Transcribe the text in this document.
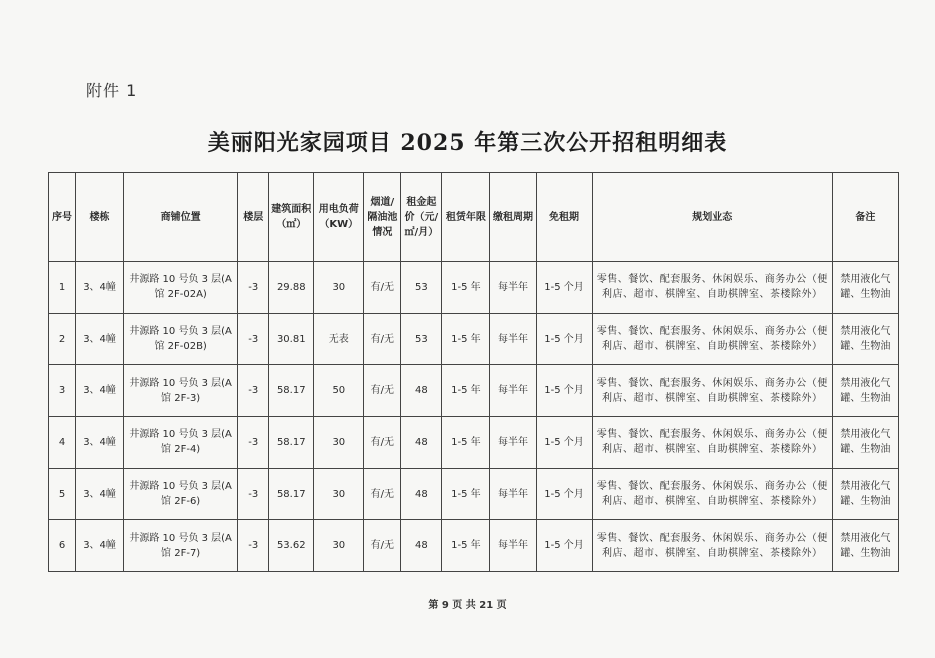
附件 1
美丽阳光家园项目 2025 年第三次公开招租明细表
序号	楼栋	商铺位置	楼层	建筑面积（㎡）	用电负荷（KW）	烟道/隔油池情况	租金起价（元/㎡/月）	租赁年限	缴租周期	免租期	规划业态	备注
1	3、4幢	井源路 10 号负 3 层(A馆 2F-02A)	-3	29.88	30	有/无	53	1-5 年	每半年	1-5 个月	零售、餐饮、配套服务、休闲娱乐、商务办公（便利店、超市、棋牌室、自助棋牌室、茶楼除外）	禁用液化气罐、生物油
2	3、4幢	井源路 10 号负 3 层(A馆 2F-02B)	-3	30.81	无表	有/无	53	1-5 年	每半年	1-5 个月	零售、餐饮、配套服务、休闲娱乐、商务办公（便利店、超市、棋牌室、自助棋牌室、茶楼除外）	禁用液化气罐、生物油
3	3、4幢	井源路 10 号负 3 层(A馆 2F-3)	-3	58.17	50	有/无	48	1-5 年	每半年	1-5 个月	零售、餐饮、配套服务、休闲娱乐、商务办公（便利店、超市、棋牌室、自助棋牌室、茶楼除外）	禁用液化气罐、生物油
4	3、4幢	井源路 10 号负 3 层(A馆 2F-4)	-3	58.17	30	有/无	48	1-5 年	每半年	1-5 个月	零售、餐饮、配套服务、休闲娱乐、商务办公（便利店、超市、棋牌室、自助棋牌室、茶楼除外）	禁用液化气罐、生物油
5	3、4幢	井源路 10 号负 3 层(A馆 2F-6)	-3	58.17	30	有/无	48	1-5 年	每半年	1-5 个月	零售、餐饮、配套服务、休闲娱乐、商务办公（便利店、超市、棋牌室、自助棋牌室、茶楼除外）	禁用液化气罐、生物油
6	3、4幢	井源路 10 号负 3 层(A馆 2F-7)	-3	53.62	30	有/无	48	1-5 年	每半年	1-5 个月	零售、餐饮、配套服务、休闲娱乐、商务办公（便利店、超市、棋牌室、自助棋牌室、茶楼除外）	禁用液化气罐、生物油
第 9 页 共 21 页
